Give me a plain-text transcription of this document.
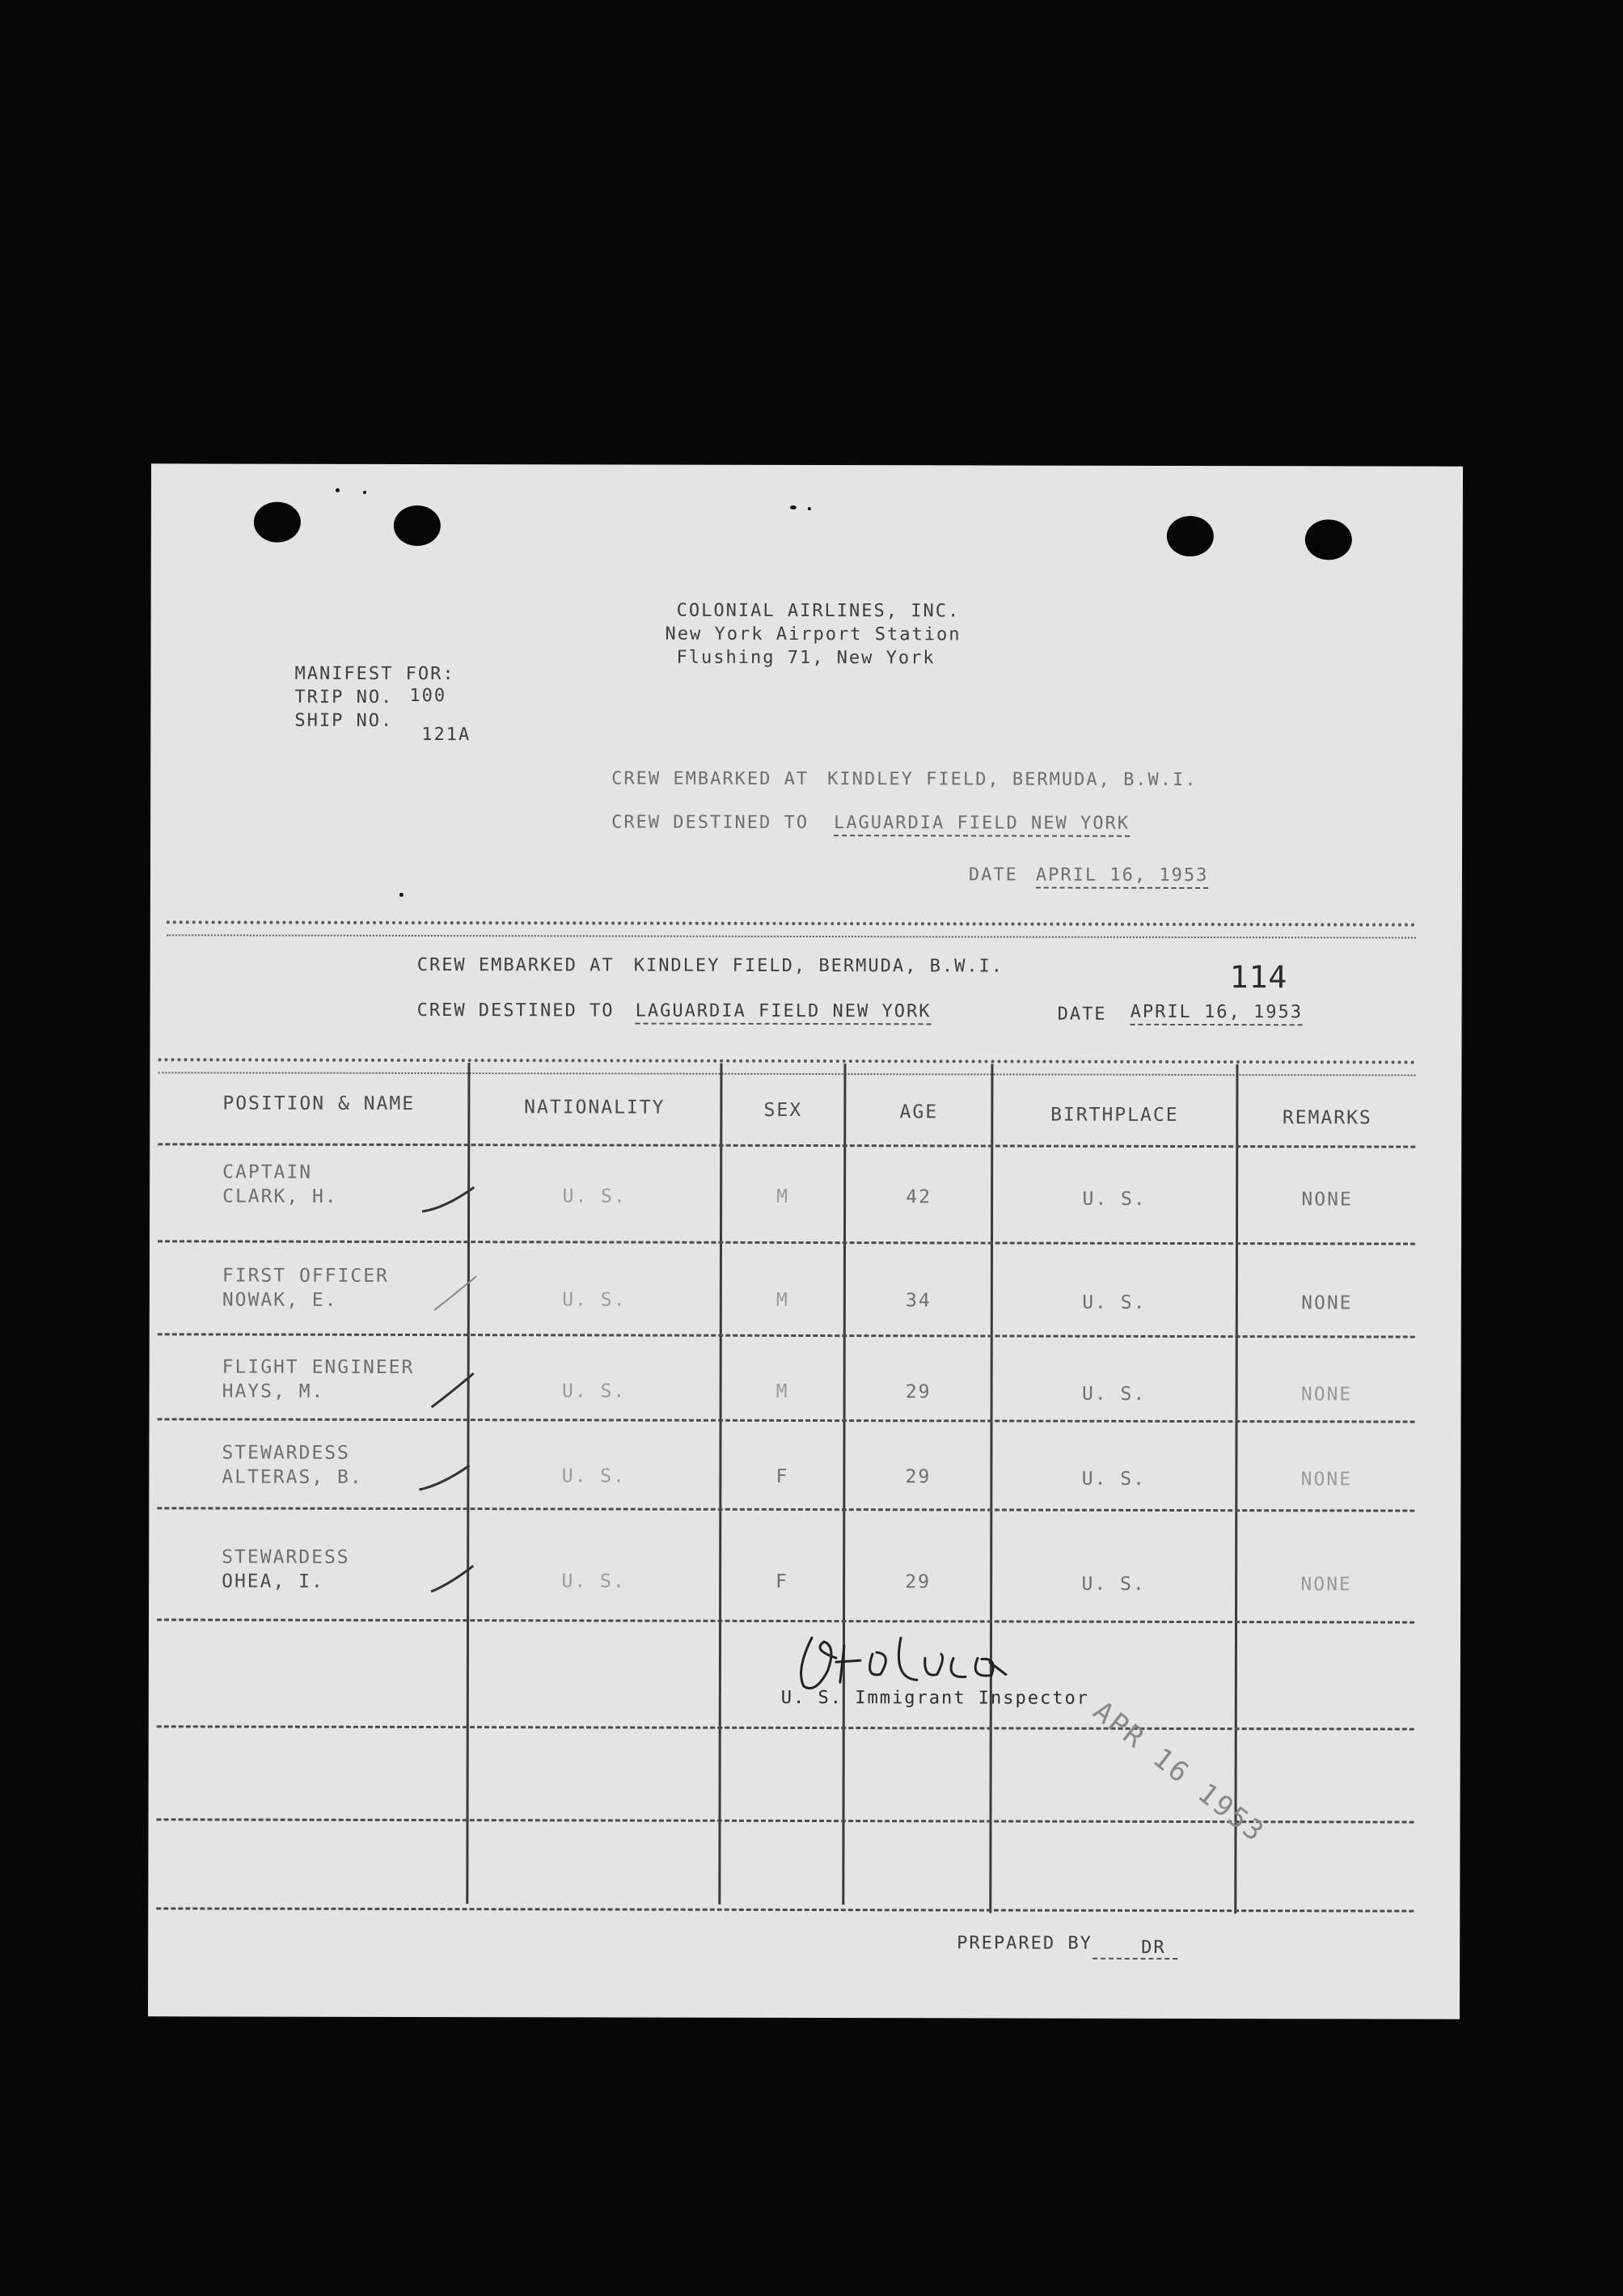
COLONIAL AIRLINES, INC.
New York Airport Station
Flushing 71, New York
MANIFEST FOR:
TRIP NO. 100
SHIP NO.
121A
CREW EMBARKED AT KINDLEY FIELD, BERMUDA, B.W.I.
CREW DESTINED TO LAGUARDIA FIELD NEW YORK
DATE APRIL 16, 1953
CREW EMBARKED AT KINDLEY FIELD, BERMUDA, B.W.I.	114
CREW DESTINED TO LAGUARDIA FIELD NEW YORK	DATE APRIL 16, 1953
POSITION & NAME	NATIONALITY	SEX	AGE	BIRTHPLACE	REMARKS
CAPTAIN
CLARK, H.	U. S.	M	42	U. S.	NONE
FIRST OFFICER
NOWAK, E.	U. S.	M	34	U. S.	NONE
FLIGHT ENGINEER
HAYS, M.	U. S.	M	29	U. S.	NONE
STEWARDESS
ALTERAS, B.	U. S.	F	29	U. S.	NONE
STEWARDESS
OHEA, I.	U. S.	F	29	U. S.	NONE
U. S. Immigrant Inspector
APR 16 1953
PREPARED BY	DR
